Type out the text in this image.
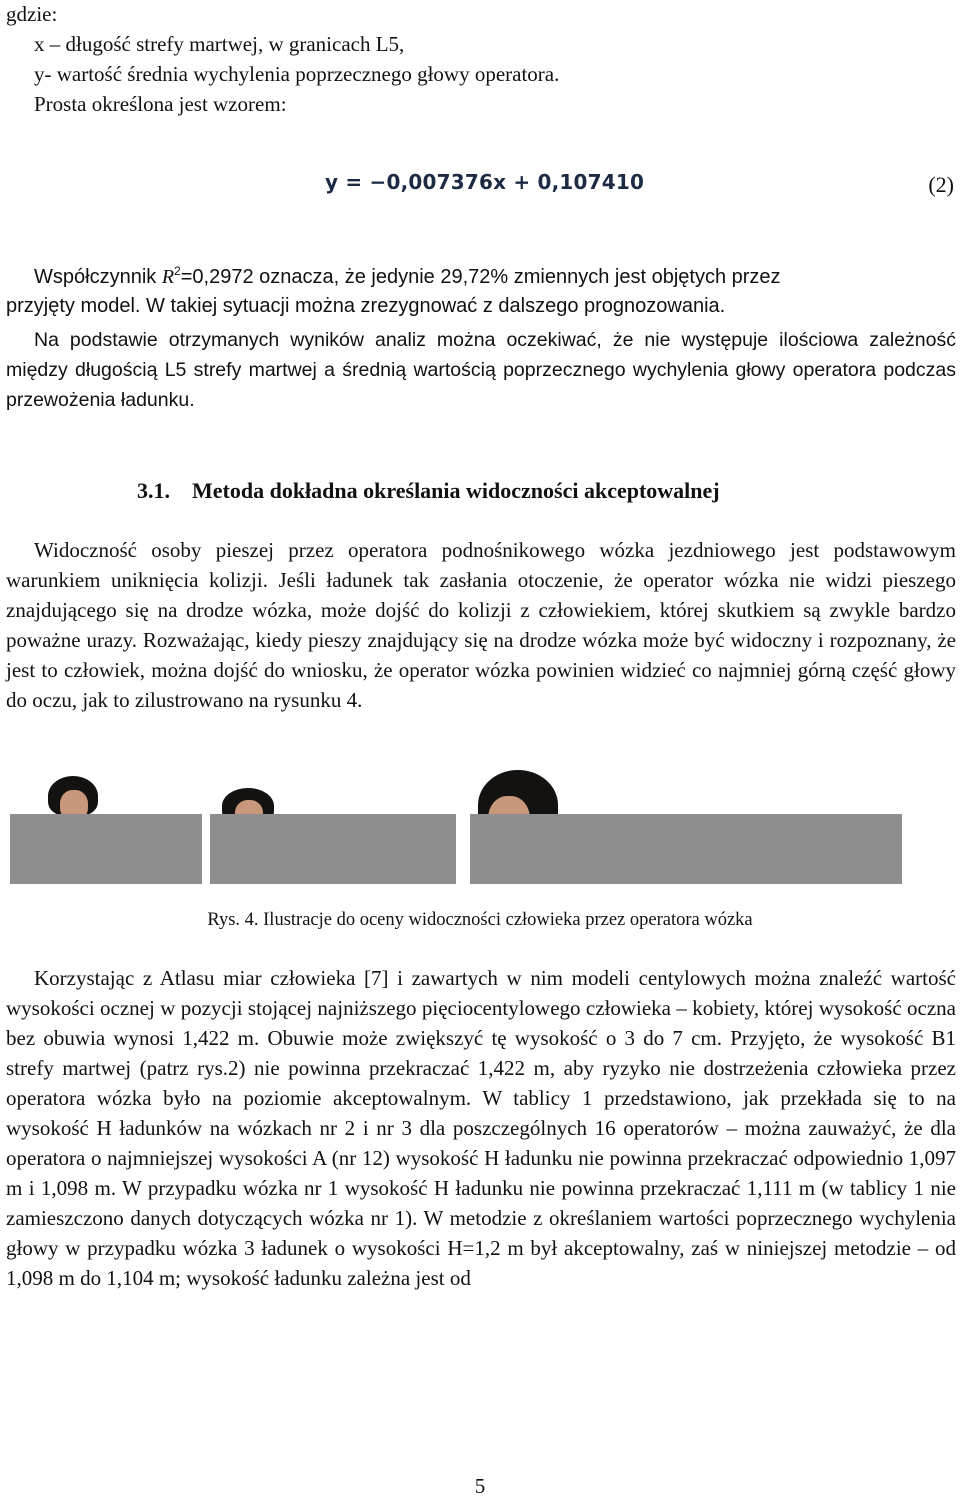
gdzie:
x – długość strefy martwej, w granicach L5,
y- wartość średnia wychylenia poprzecznego głowy operatora.
Prosta określona jest wzorem:
y = −0,007376x + 0,107410	(2)
Współczynnik $R^2=0,2972$ oznacza, że jedynie 29,72% zmiennych jest objętych przez
przyjęty model. W takiej sytuacji można zrezygnować z dalszego prognozowania.
Na podstawie otrzymanych wyników analiz można oczekiwać, że nie występuje ilościowa zależność między długością L5 strefy martwej a średnią wartością poprzecznego wychylenia głowy operatora podczas przewożenia ładunku.
3.1. Metoda dokładna określania widoczności akceptowalnej
Widoczność osoby pieszej przez operatora podnośnikowego wózka jezdniowego jest podstawowym warunkiem uniknięcia kolizji. Jeśli ładunek tak zasłania otoczenie, że operator wózka nie widzi pieszego znajdującego się na drodze wózka, może dojść do kolizji z człowiekiem, której skutkiem są zwykle bardzo poważne urazy. Rozważając, kiedy pieszy znajdujący się na drodze wózka może być widoczny i rozpoznany, że jest to człowiek, można dojść do wniosku, że operator wózka powinien widzieć co najmniej górną część głowy do oczu, jak to zilustrowano na rysunku 4.
Rys. 4. Ilustracje do oceny widoczności człowieka przez operatora wózka
Korzystając z Atlasu miar człowieka [7] i zawartych w nim modeli centylowych można znaleźć wartość wysokości ocznej w pozycji stojącej najniższego pięciocentylowego człowieka – kobiety, której wysokość oczna bez obuwia wynosi 1,422 m. Obuwie może zwiększyć tę wysokość o 3 do 7 cm. Przyjęto, że wysokość B1 strefy martwej (patrz rys.2) nie powinna przekraczać 1,422 m, aby ryzyko nie dostrzeżenia człowieka przez operatora wózka było na poziomie akceptowalnym. W tablicy 1 przedstawiono, jak przekłada się to na wysokość H ładunków na wózkach nr 2 i nr 3 dla poszczególnych 16 operatorów – można zauważyć, że dla operatora o najmniejszej wysokości A (nr 12) wysokość H ładunku nie powinna przekraczać odpowiednio 1,097 m i 1,098 m. W przypadku wózka nr 1 wysokość H ładunku nie powinna przekraczać 1,111 m (w tablicy 1 nie zamieszczono danych dotyczących wózka nr 1). W metodzie z określaniem wartości poprzecznego wychylenia głowy w przypadku wózka 3 ładunek o wysokości H=1,2 m był akceptowalny, zaś w niniejszej metodzie – od 1,098 m do 1,104 m; wysokość ładunku zależna jest od
5
